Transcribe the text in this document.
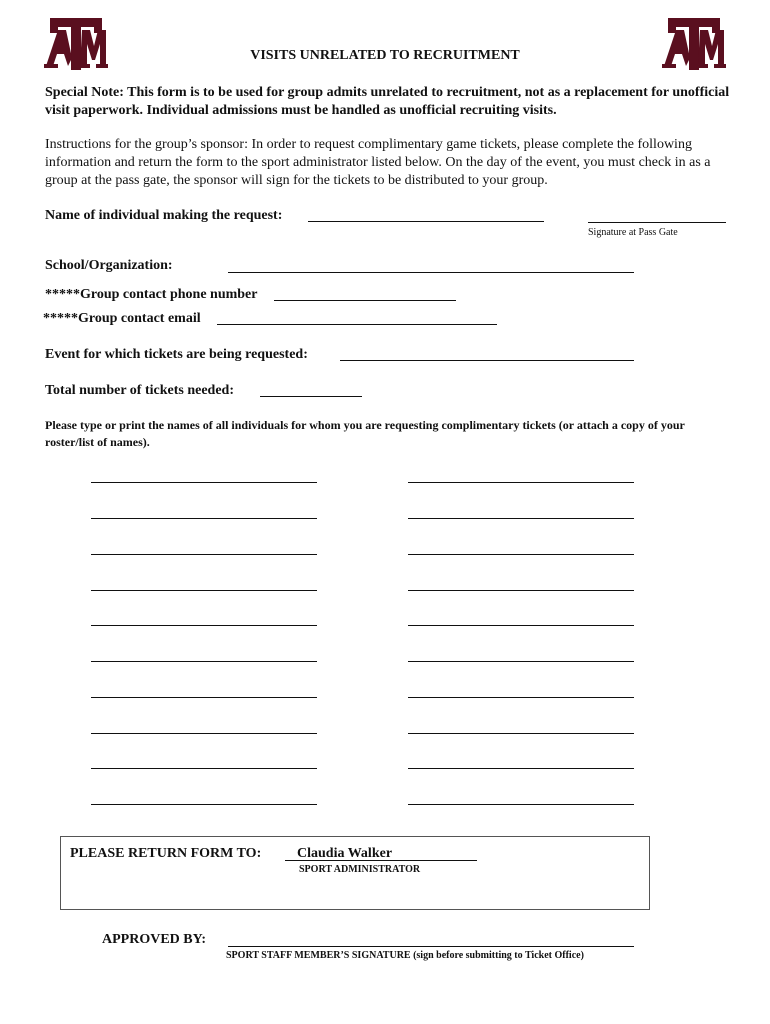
VISITS UNRELATED TO RECRUITMENT
Special Note: This form is to be used for group admits unrelated to recruitment, not as a replacement for unofficial visit paperwork. Individual admissions must be handled as unofficial recruiting visits.
Instructions for the group’s sponsor: In order to request complimentary game tickets, please complete the following information and return the form to the sport administrator listed below. On the day of the event, you must check in as a group at the pass gate, the sponsor will sign for the tickets to be distributed to your group.
Name of individual making the request:
Signature at Pass Gate
School/Organization:
*****Group contact phone number
*****Group contact email
Event for which tickets are being requested:
Total number of tickets needed:
Please type or print the names of all individuals for whom you are requesting complimentary tickets (or attach a copy of your roster/list of names).
PLEASE RETURN FORM TO:	Claudia Walker
SPORT ADMINISTRATOR
APPROVED BY:
SPORT STAFF MEMBER’S SIGNATURE (sign before submitting to Ticket Office)
